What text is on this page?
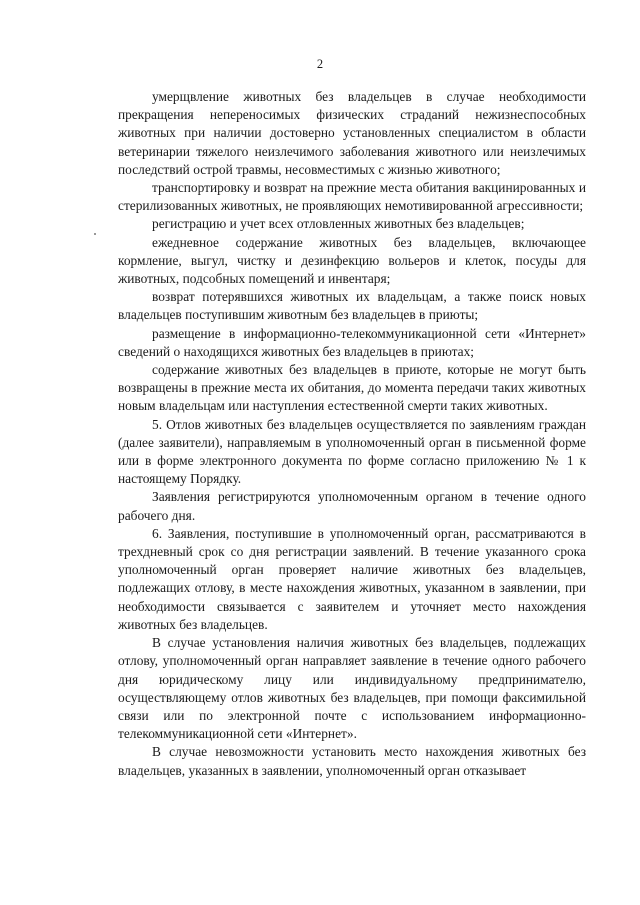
2

умерщвление животных без владельцев в случае необходимости прекращения непереносимых физических страданий нежизнеспособных животных при наличии достоверно установленных специалистом в области ветеринарии тяжелого неизлечимого заболевания животного или неизлечимых последствий острой травмы, несовместимых с жизнью животного;

транспортировку и возврат на прежние места обитания вакцинированных и стерилизованных животных, не проявляющих немотивированной агрессивности;

регистрацию и учет всех отловленных животных без владельцев;

ежедневное содержание животных без владельцев, включающее кормление, выгул, чистку и дезинфекцию вольеров и клеток, посуды для животных, подсобных помещений и инвентаря;

возврат потерявшихся животных их владельцам, а также поиск новых владельцев поступившим животным без владельцев в приюты;

размещение в информационно-телекоммуникационной сети «Интернет» сведений о находящихся животных без владельцев в приютах;

содержание животных без владельцев в приюте, которые не могут быть возвращены в прежние места их обитания, до момента передачи таких животных новым владельцам или наступления естественной смерти таких животных.

5. Отлов животных без владельцев осуществляется по заявлениям граждан (далее заявители), направляемым в уполномоченный орган в письменной форме или в форме электронного документа по форме согласно приложению № 1 к настоящему Порядку.

Заявления регистрируются уполномоченным органом в течение одного рабочего дня.

6. Заявления, поступившие в уполномоченный орган, рассматриваются в трехдневный срок со дня регистрации заявлений. В течение указанного срока уполномоченный орган проверяет наличие животных без владельцев, подлежащих отлову, в месте нахождения животных, указанном в заявлении, при необходимости связывается с заявителем и уточняет место нахождения животных без владельцев.

В случае установления наличия животных без владельцев, подлежащих отлову, уполномоченный орган направляет заявление в течение одного рабочего дня юридическому лицу или индивидуальному предпринимателю, осуществляющему отлов животных без владельцев, при помощи факсимильной связи или по электронной почте с использованием информационно-телекоммуникационной сети «Интернет».

В случае невозможности установить место нахождения животных без владельцев, указанных в заявлении, уполномоченный орган отказывает
